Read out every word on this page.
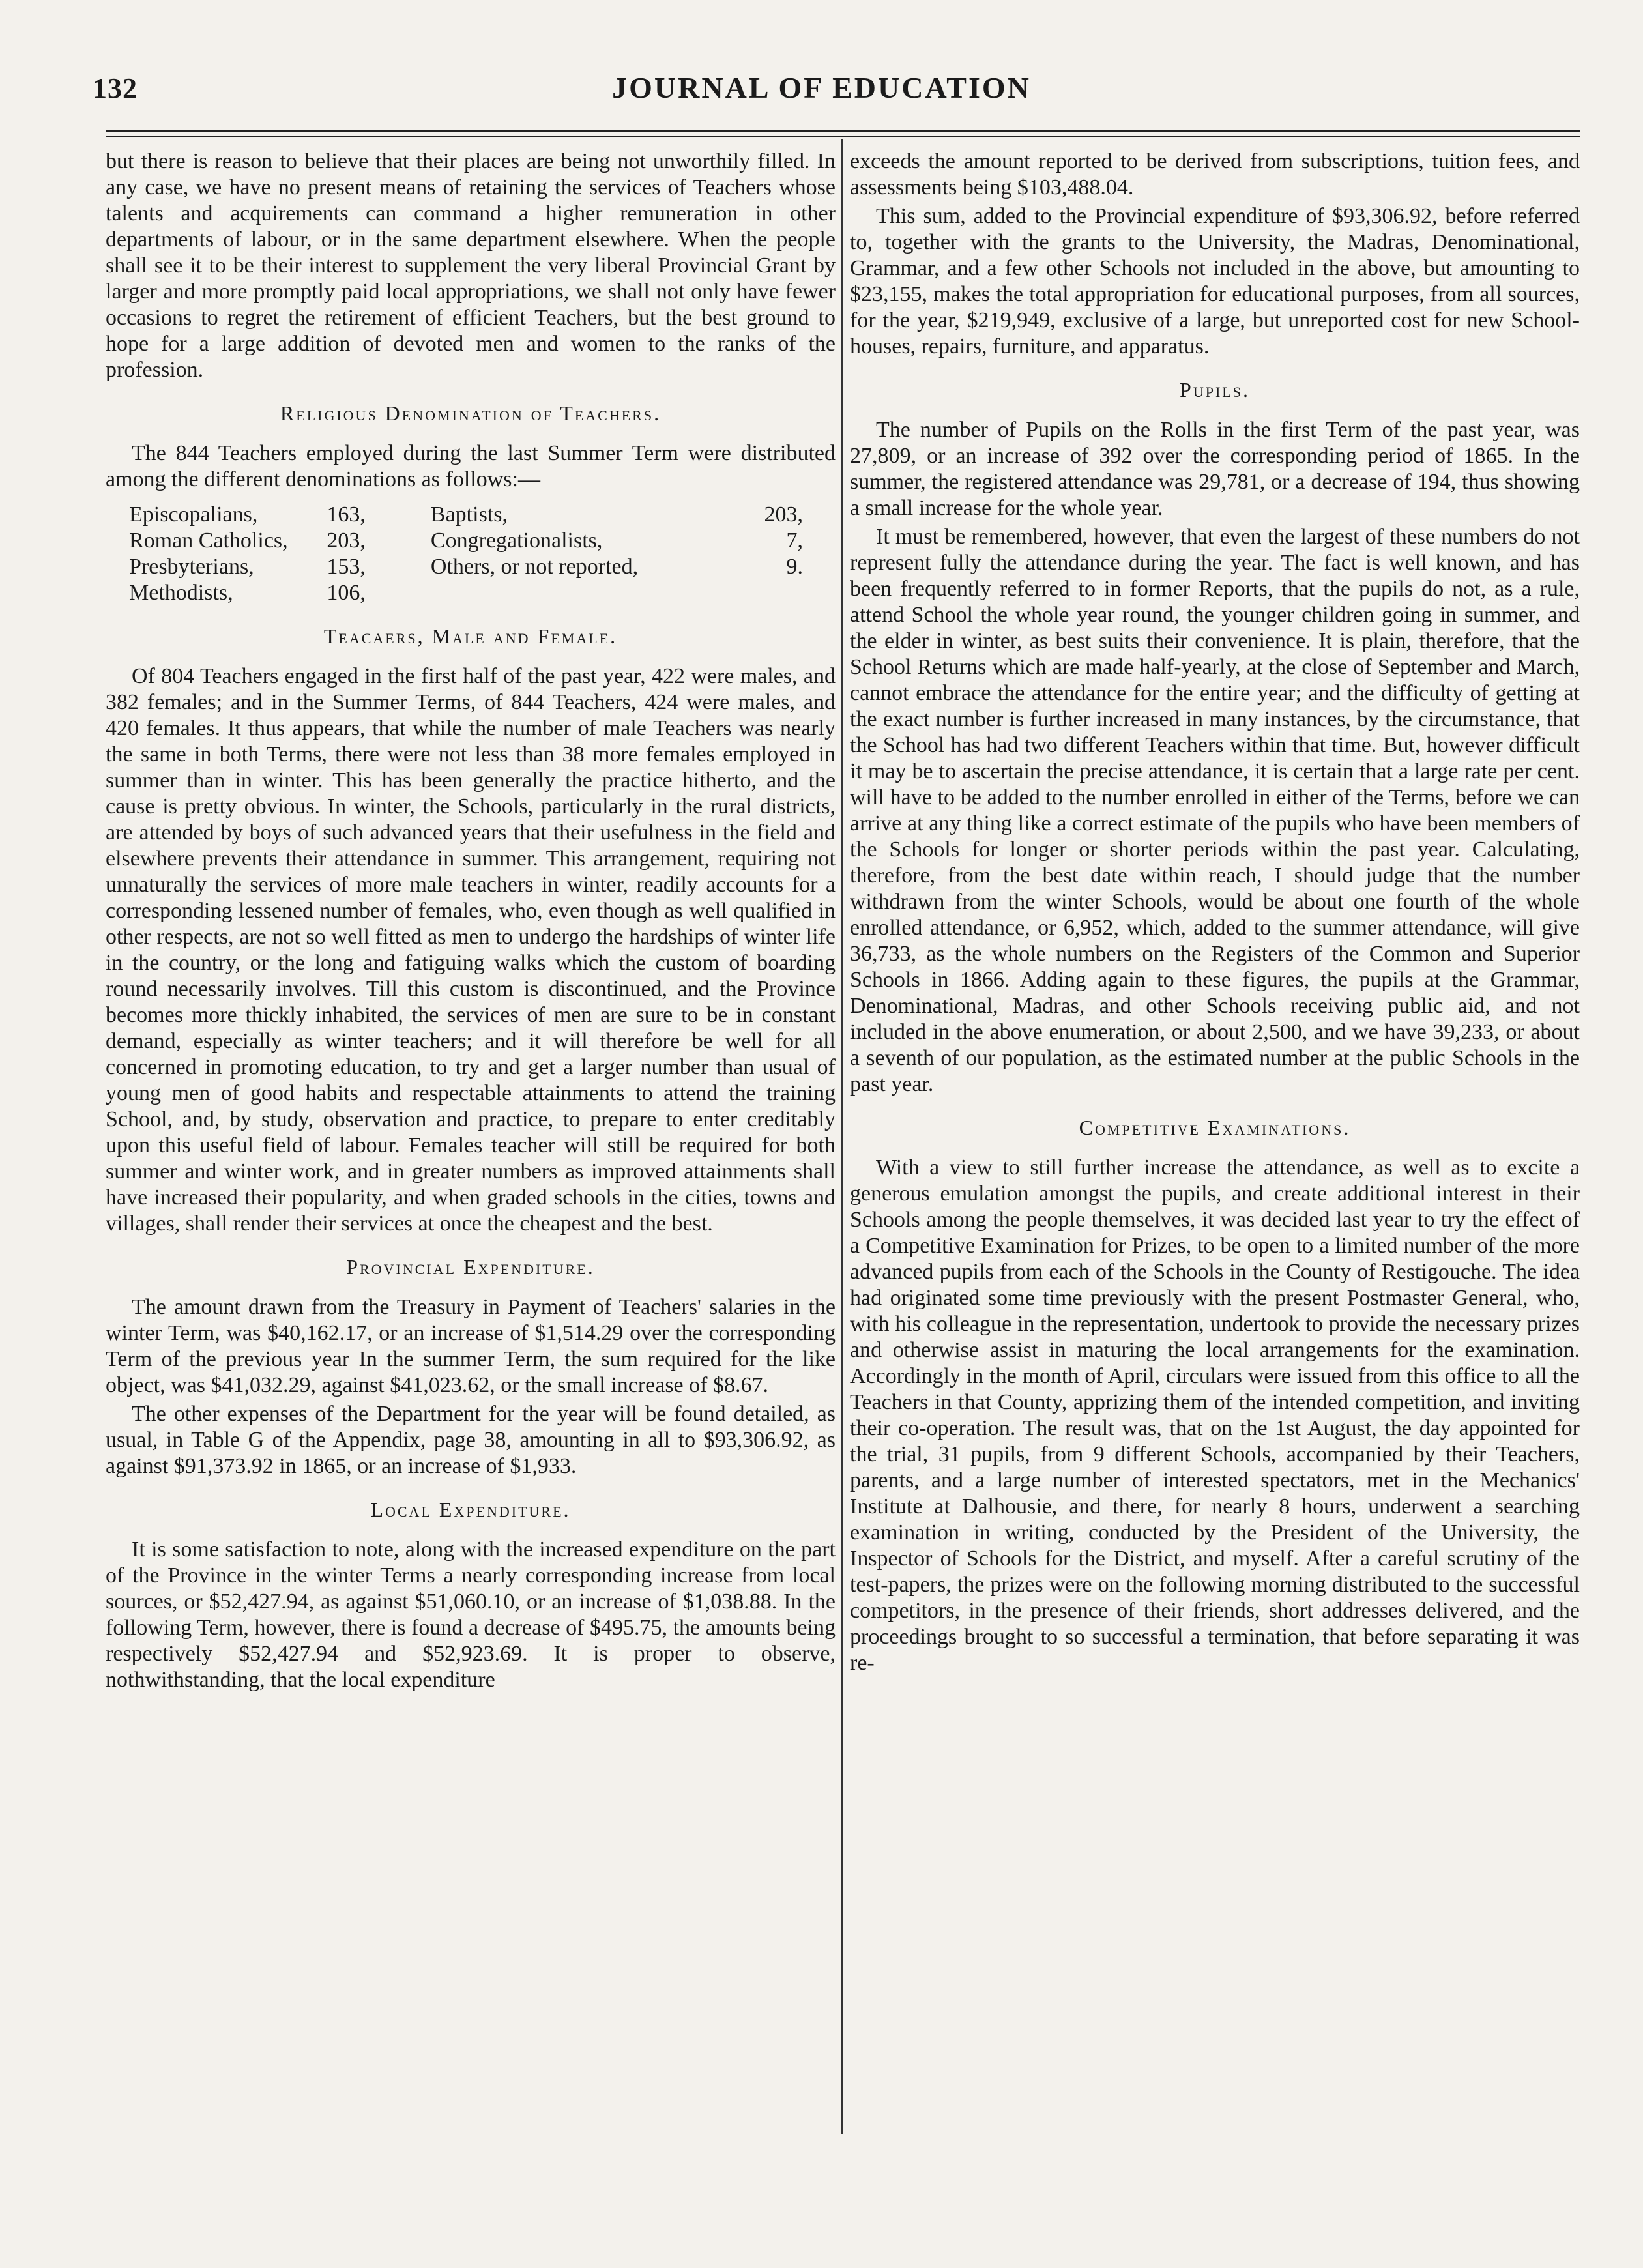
132	JOURNAL OF EDUCATION

but there is reason to believe that their places are being not unworthily filled. In any case, we have no present means of retaining the services of Teachers whose talents and acquirements can command a higher remuneration in other departments of labour, or in the same department elsewhere. When the people shall see it to be their interest to supplement the very liberal Provincial Grant by larger and more promptly paid local appropriations, we shall not only have fewer occasions to regret the retirement of efficient Teachers, but the best ground to hope for a large addition of devoted men and women to the ranks of the profession.

Religious Denomination of Teachers.

The 844 Teachers employed during the last Summer Term were distributed among the different denominations as follows:—

Episcopalians,	163,	Baptists,	203,
Roman Catholics,	203,	Congregationalists,	7,
Presbyterians,	153,	Others, or not reported,	9.
Methodists,	106,		
Teacaers, Male and Female.

Of 804 Teachers engaged in the first half of the past year, 422 were males, and 382 females; and in the Summer Terms, of 844 Teachers, 424 were males, and 420 females. It thus appears, that while the number of male Teachers was nearly the same in both Terms, there were not less than 38 more females employed in summer than in winter. This has been generally the practice hitherto, and the cause is pretty obvious. In winter, the Schools, particularly in the rural districts, are attended by boys of such advanced years that their usefulness in the field and elsewhere prevents their attendance in summer. This arrangement, requiring not unnaturally the services of more male teachers in winter, readily accounts for a corresponding lessened number of females, who, even though as well qualified in other respects, are not so well fitted as men to undergo the hardships of winter life in the country, or the long and fatiguing walks which the custom of boarding round necessarily involves. Till this custom is discontinued, and the Province becomes more thickly inhabited, the services of men are sure to be in constant demand, especially as winter teachers; and it will therefore be well for all concerned in promoting education, to try and get a larger number than usual of young men of good habits and respectable attainments to attend the training School, and, by study, observation and practice, to prepare to enter creditably upon this useful field of labour. Females teacher will still be required for both summer and winter work, and in greater numbers as improved attainments shall have increased their popularity, and when graded schools in the cities, towns and villages, shall render their services at once the cheapest and the best.

Provincial Expenditure.

The amount drawn from the Treasury in Payment of Teachers' salaries in the winter Term, was $40,162.17, or an increase of $1,514.29 over the corresponding Term of the previous year In the summer Term, the sum required for the like object, was $41,032.29, against $41,023.62, or the small increase of $8.67.

The other expenses of the Department for the year will be found detailed, as usual, in Table G of the Appendix, page 38, amounting in all to $93,306.92, as against $91,373.92 in 1865, or an increase of $1,933.

Local Expenditure.

It is some satisfaction to note, along with the increased expenditure on the part of the Province in the winter Terms a nearly corresponding increase from local sources, or $52,427.94, as against $51,060.10, or an increase of $1,038.88. In the following Term, however, there is found a decrease of $495.75, the amounts being respectively $52,427.94 and $52,923.69. It is proper to observe, nothwithstanding, that the local expenditure

exceeds the amount reported to be derived from subscriptions, tuition fees, and assessments being $103,488.04.

This sum, added to the Provincial expenditure of $93,306.92, before referred to, together with the grants to the University, the Madras, Denominational, Grammar, and a few other Schools not included in the above, but amounting to $23,155, makes the total appropriation for educational purposes, from all sources, for the year, $219,949, exclusive of a large, but unreported cost for new School-houses, repairs, furniture, and apparatus.

Pupils.

The number of Pupils on the Rolls in the first Term of the past year, was 27,809, or an increase of 392 over the corresponding period of 1865. In the summer, the registered attendance was 29,781, or a decrease of 194, thus showing a small increase for the whole year.

It must be remembered, however, that even the largest of these numbers do not represent fully the attendance during the year. The fact is well known, and has been frequently referred to in former Reports, that the pupils do not, as a rule, attend School the whole year round, the younger children going in summer, and the elder in winter, as best suits their convenience. It is plain, therefore, that the School Returns which are made half-yearly, at the close of September and March, cannot embrace the attendance for the entire year; and the difficulty of getting at the exact number is further increased in many instances, by the circumstance, that the School has had two different Teachers within that time. But, however difficult it may be to ascertain the precise attendance, it is certain that a large rate per cent. will have to be added to the number enrolled in either of the Terms, before we can arrive at any thing like a correct estimate of the pupils who have been members of the Schools for longer or shorter periods within the past year. Calculating, therefore, from the best date within reach, I should judge that the number withdrawn from the winter Schools, would be about one fourth of the whole enrolled attendance, or 6,952, which, added to the summer attendance, will give 36,733, as the whole numbers on the Registers of the Common and Superior Schools in 1866. Adding again to these figures, the pupils at the Grammar, Denominational, Madras, and other Schools receiving public aid, and not included in the above enumeration, or about 2,500, and we have 39,233, or about a seventh of our population, as the estimated number at the public Schools in the past year.

Competitive Examinations.

With a view to still further increase the attendance, as well as to excite a generous emulation amongst the pupils, and create additional interest in their Schools among the people themselves, it was decided last year to try the effect of a Competitive Examination for Prizes, to be open to a limited number of the more advanced pupils from each of the Schools in the County of Restigouche. The idea had originated some time previously with the present Postmaster General, who, with his colleague in the representation, undertook to provide the necessary prizes and otherwise assist in maturing the local arrangements for the examination. Accordingly in the month of April, circulars were issued from this office to all the Teachers in that County, apprizing them of the intended competition, and inviting their co-operation. The result was, that on the 1st August, the day appointed for the trial, 31 pupils, from 9 different Schools, accompanied by their Teachers, parents, and a large number of interested spectators, met in the Mechanics' Institute at Dalhousie, and there, for nearly 8 hours, underwent a searching examination in writing, conducted by the President of the University, the Inspector of Schools for the District, and myself. After a careful scrutiny of the test-papers, the prizes were on the following morning distributed to the successful competitors, in the presence of their friends, short addresses delivered, and the proceedings brought to so successful a termination, that before separating it was re-
